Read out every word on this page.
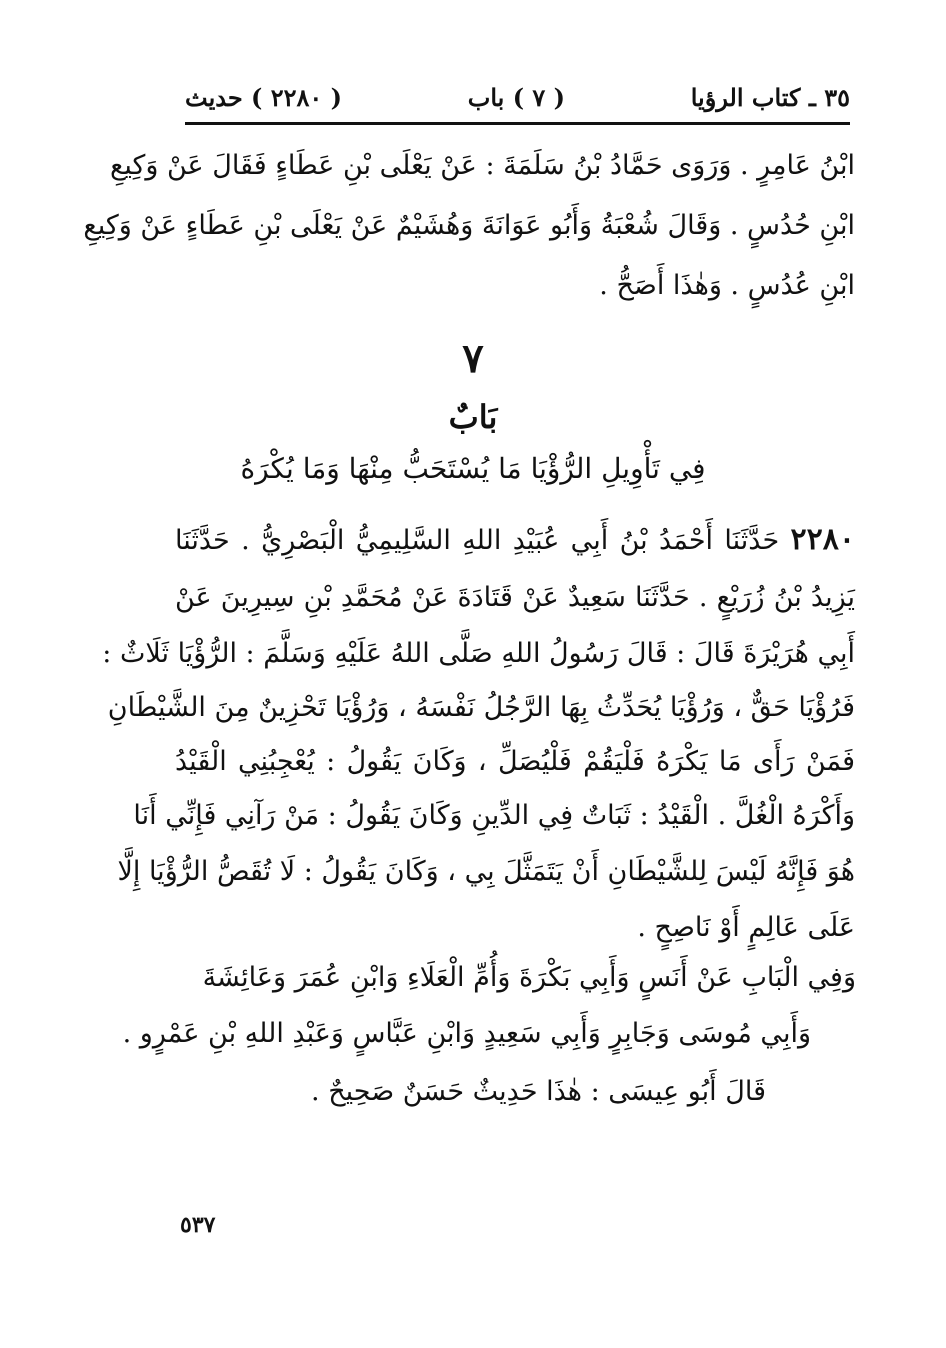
٣٥ ـ كتاب الرؤيا
( ٧ ) باب
( ٢٢٨٠ ) حديث
ابْنُ عَامِرٍ . وَرَوَى حَمَّادُ بْنُ سَلَمَةَ : عَنْ يَعْلَى بْنِ عَطَاءٍ فَقَالَ عَنْ وَكِيعِ
ابْنِ حُدُسٍ . وَقَالَ شُعْبَةُ وَأَبُو عَوَانَةَ وَهُشَيْمٌ عَنْ يَعْلَى بْنِ عَطَاءٍ عَنْ وَكِيعِ
ابْنِ عُدُسٍ . وَهٰذَا أَصَحُّ .
٧
بَابٌ
فِي تَأْوِيلِ الرُّؤْيَا مَا يُسْتَحَبُّ مِنْهَا وَمَا يُكْرَهُ
٢٢٨٠ حَدَّثَنَا أَحْمَدُ بْنُ أَبِي عُبَيْدِ اللهِ السَّلِيمِيُّ الْبَصْرِيُّ . حَدَّثَنَا
يَزِيدُ بْنُ زُرَيْعٍ . حَدَّثَنَا سَعِيدٌ عَنْ قَتَادَةَ عَنْ مُحَمَّدِ بْنِ سِيرِينَ عَنْ
أَبِي هُرَيْرَةَ قَالَ : قَالَ رَسُولُ اللهِ صَلَّى اللهُ عَلَيْهِ وَسَلَّمَ : الرُّؤْيَا ثَلَاثٌ :
فَرُؤْيَا حَقٌّ ، وَرُؤْيَا يُحَدِّثُ بِهَا الرَّجُلُ نَفْسَهُ ، وَرُؤْيَا تَحْزِينٌ مِنَ الشَّيْطَانِ
فَمَنْ رَأَى مَا يَكْرَهُ فَلْيَقُمْ فَلْيُصَلِّ ، وَكَانَ يَقُولُ : يُعْجِبُنِي الْقَيْدُ
وَأَكْرَهُ الْغُلَّ . الْقَيْدُ : ثَبَاتٌ فِي الدِّينِ وَكَانَ يَقُولُ : مَنْ رَآنِي فَإِنِّي أَنَا
هُوَ فَإِنَّهُ لَيْسَ لِلشَّيْطَانِ أَنْ يَتَمَثَّلَ بِي ، وَكَانَ يَقُولُ : لَا تُقَصُّ الرُّؤْيَا إِلَّا
عَلَى عَالِمٍ أَوْ نَاصِحٍ .
وَفِي الْبَابِ عَنْ أَنَسٍ وَأَبِي بَكْرَةَ وَأُمِّ الْعَلَاءِ وَابْنِ عُمَرَ وَعَائِشَةَ
وَأَبِي مُوسَى وَجَابِرٍ وَأَبِي سَعِيدٍ وَابْنِ عَبَّاسٍ وَعَبْدِ اللهِ بْنِ عَمْرٍو .
قَالَ أَبُو عِيسَى : هٰذَا حَدِيثٌ حَسَنٌ صَحِيحٌ .
٥٣٧
